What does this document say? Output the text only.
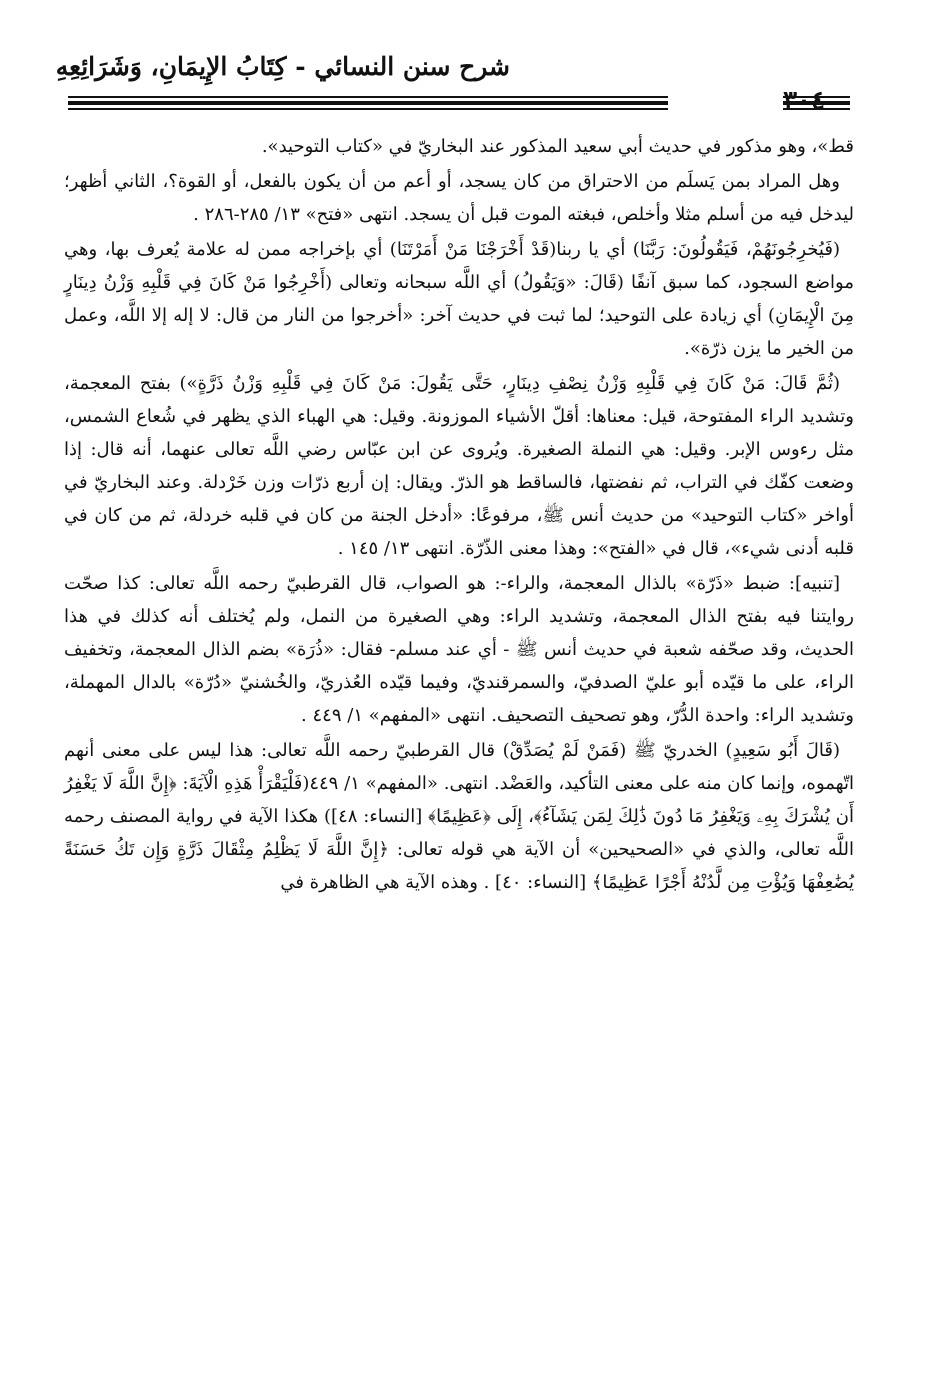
شرح سنن النسائي - كِتَابُ الإِيمَانِ، وَشَرَائِعِهِ

قط»، وهو مذكور في حديث أبي سعيد المذكور عند البخاريّ في «كتاب التوحيد».

وهل المراد بمن يَسلَم من الاحتراق من كان يسجد، أو أعم من أن يكون بالفعل، أو القوة؟، الثاني أظهر؛ ليدخل فيه من أسلم مثلا وأخلص، فبغته الموت قبل أن يسجد. انتهى «فتح» ١٣/ ٢٨٥-٢٨٦ .

(فَيُخرِجُونَهُمْ، فَيَقُولُونَ: رَبَّنَا) أي يا ربنا(قَدْ أَخْرَجْنَا مَنْ أَمَرْتَنَا) أي بإخراجه ممن له علامة يُعرف بها، وهي مواضع السجود، كما سبق آنفًا (قَالَ: «وَيَقُولُ) أي اللَّه سبحانه وتعالى (أَخْرِجُوا مَنْ كَانَ فِي قَلْبِهِ وَزْنُ دِينَارٍ مِنَ الْإِيمَانِ) أي زيادة على التوحيد؛ لما ثبت في حديث آخر: «أخرجوا من النار من قال: لا إله إلا اللَّه، وعمل من الخير ما يزن ذرّة».

(ثُمَّ قَالَ: مَنْ كَانَ فِي قَلْبِهِ وَزْنُ نِصْفِ دِينَارٍ، حَتَّى يَقُولَ: مَنْ كَانَ فِي قَلْبِهِ وَزْنُ ذَرَّةٍ») بفتح المعجمة، وتشديد الراء المفتوحة، قيل: معناها: أقلّ الأشياء الموزونة. وقيل: هي الهباء الذي يظهر في شُعاع الشمس، مثل رءوس الإبر. وقيل: هي النملة الصغيرة. ويُروى عن ابن عبّاس رضي اللَّه تعالى عنهما، أنه قال: إذا وضعت كفّك في التراب، ثم نفضتها، فالساقط هو الذرّ. ويقال: إن أربع ذرّات وزن خَرْدلة. وعند البخاريّ في أواخر «كتاب التوحيد» من حديث أنس ﷺ، مرفوعًا: «أدخل الجنة من كان في قلبه خردلة، ثم من كان في قلبه أدنى شيء»، قال في «الفتح»: وهذا معنى الذّرّة. انتهى ١٣/ ١٤٥ .

[تنبيه]: ضبط «ذَرّة» بالذال المعجمة، والراء-: هو الصواب، قال القرطبيّ رحمه اللَّه تعالى: كذا صحّت روايتنا فيه بفتح الذال المعجمة، وتشديد الراء: وهي الصغيرة من النمل، ولم يُختلف أنه كذلك في هذا الحديث، وقد صحّفه شعبة في حديث أنس ﷺ - أي عند مسلم- فقال: «ذُرَة» بضم الذال المعجمة، وتخفيف الراء، على ما قيّده أبو عليّ الصدفيّ، والسمرقنديّ، وفيما قيّده العُذريّ، والخُشنيّ «دُرّة» بالدال المهملة، وتشديد الراء: واحدة الدُّرّ، وهو تصحيف التصحيف. انتهى «المفهم» ١/ ٤٤٩ .

(قَالَ أَبُو سَعِيدٍ) الخدريّ ﷺ (فَمَنْ لَمْ يُصَدِّقْ) قال القرطبيّ رحمه اللَّه تعالى: هذا ليس على معنى أنهم اتّهموه، وإنما كان منه على معنى التأكيد، والعَضْد. انتهى. «المفهم» ١/ ٤٤٩(فَلْيَقْرَأْ هَذِهِ الْآيَةَ: ﴿إِنَّ اللَّهَ لَا يَغْفِرُ أَن يُشْرَكَ بِهِۦ وَيَغْفِرُ مَا دُونَ ذَٰلِكَ لِمَن يَشَآءُ﴾، إِلَى ﴿عَظِيمًا﴾ [النساء: ٤٨]) هكذا الآية في رواية المصنف رحمه اللَّه تعالى، والذي في «الصحيحين» أن الآية هي قوله تعالى: ﴿إِنَّ اللَّهَ لَا يَظْلِمُ مِثْقَالَ ذَرَّةٍ وَإِن تَكُ حَسَنَةً يُضَٰعِفْهَا وَيُؤْتِ مِن لَّدُنْهُ أَجْرًا عَظِيمًا﴾ [النساء: ٤٠] . وهذه الآية هي الظاهرة في
